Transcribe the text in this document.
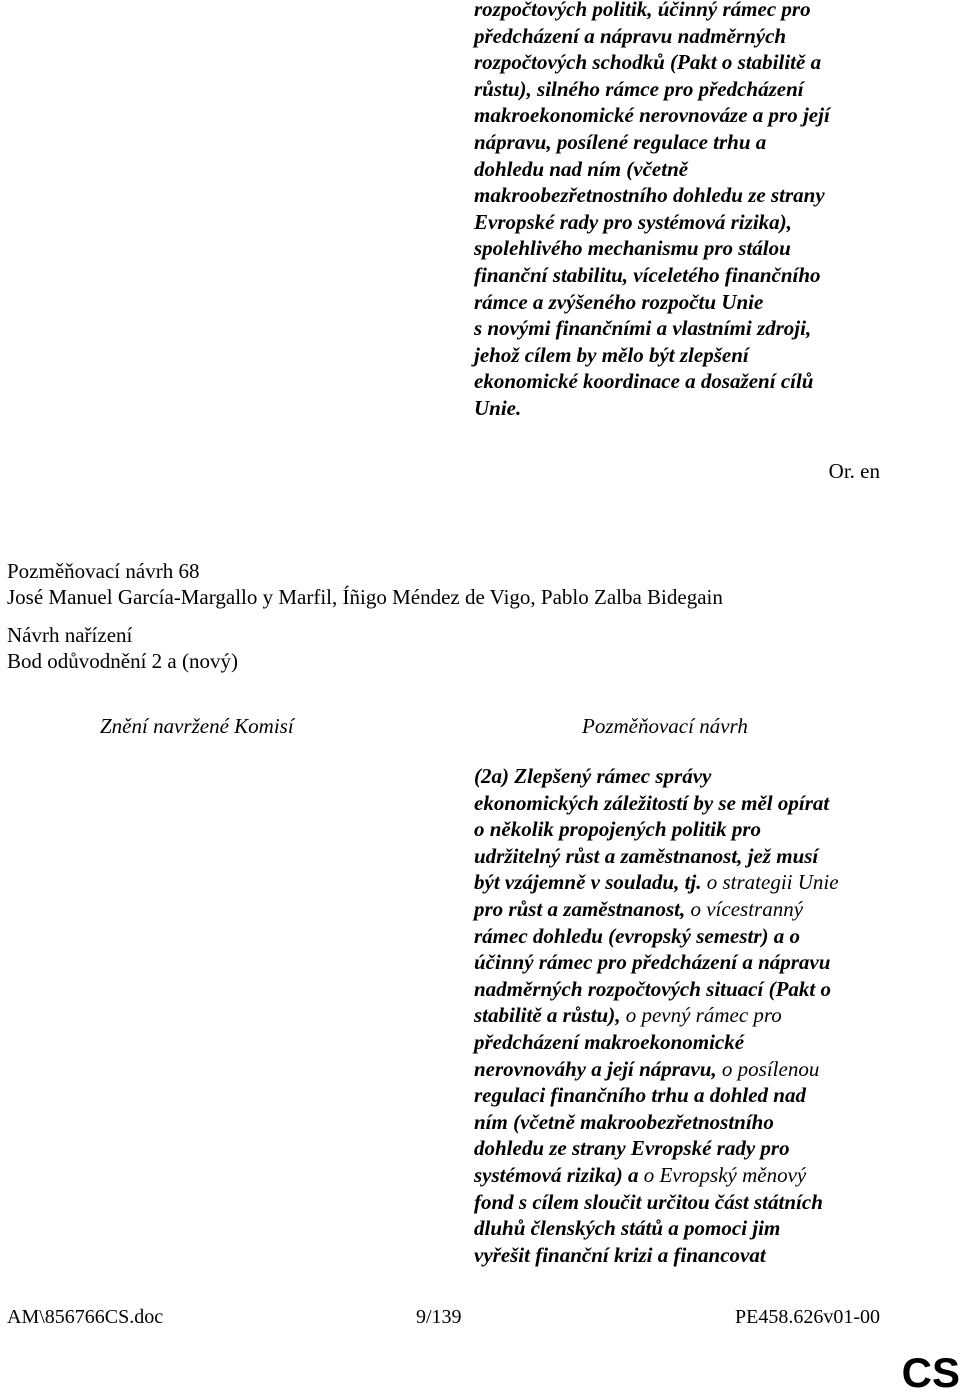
rozpočtových politik, účinný rámec pro
předcházení a nápravu nadměrných
rozpočtových schodků (Pakt o stabilitě a
růstu), silného rámce pro předcházení
makroekonomické nerovnováze a pro její
nápravu, posílené regulace trhu a
dohledu nad ním (včetně
makroobezřetnostního dohledu ze strany
Evropské rady pro systémová rizika),
spolehlivého mechanismu pro stálou
finanční stabilitu, víceletého finančního
rámce a zvýšeného rozpočtu Unie
s novými finančními a vlastními zdroji,
jehož cílem by mělo být zlepšení
ekonomické koordinace a dosažení cílů
Unie.
Or. en
Pozměňovací návrh 68
José Manuel García-Margallo y Marfil, Íñigo Méndez de Vigo, Pablo Zalba Bidegain
Návrh nařízení
Bod odůvodnění 2 a (nový)
Znění navržené Komisí	Pozměňovací návrh
(2a) Zlepšený rámec správy
ekonomických záležitostí by se měl opírat
o několik propojených politik pro
udržitelný růst a zaměstnanost, jež musí
být vzájemně v souladu, tj. o strategii Unie
pro růst a zaměstnanost, o vícestranný
rámec dohledu (evropský semestr) a o
účinný rámec pro předcházení a nápravu
nadměrných rozpočtových situací (Pakt o
stabilitě a růstu), o pevný rámec pro
předcházení makroekonomické
nerovnováhy a její nápravu, o posílenou
regulaci finančního trhu a dohled nad
ním (včetně makroobezřetnostního
dohledu ze strany Evropské rady pro
systémová rizika) a o Evropský měnový
fond s cílem sloučit určitou část státních
dluhů členských států a pomoci jim
vyřešit finanční krizi a financovat
AM\856766CS.doc	9/139	PE458.626v01-00
CS
